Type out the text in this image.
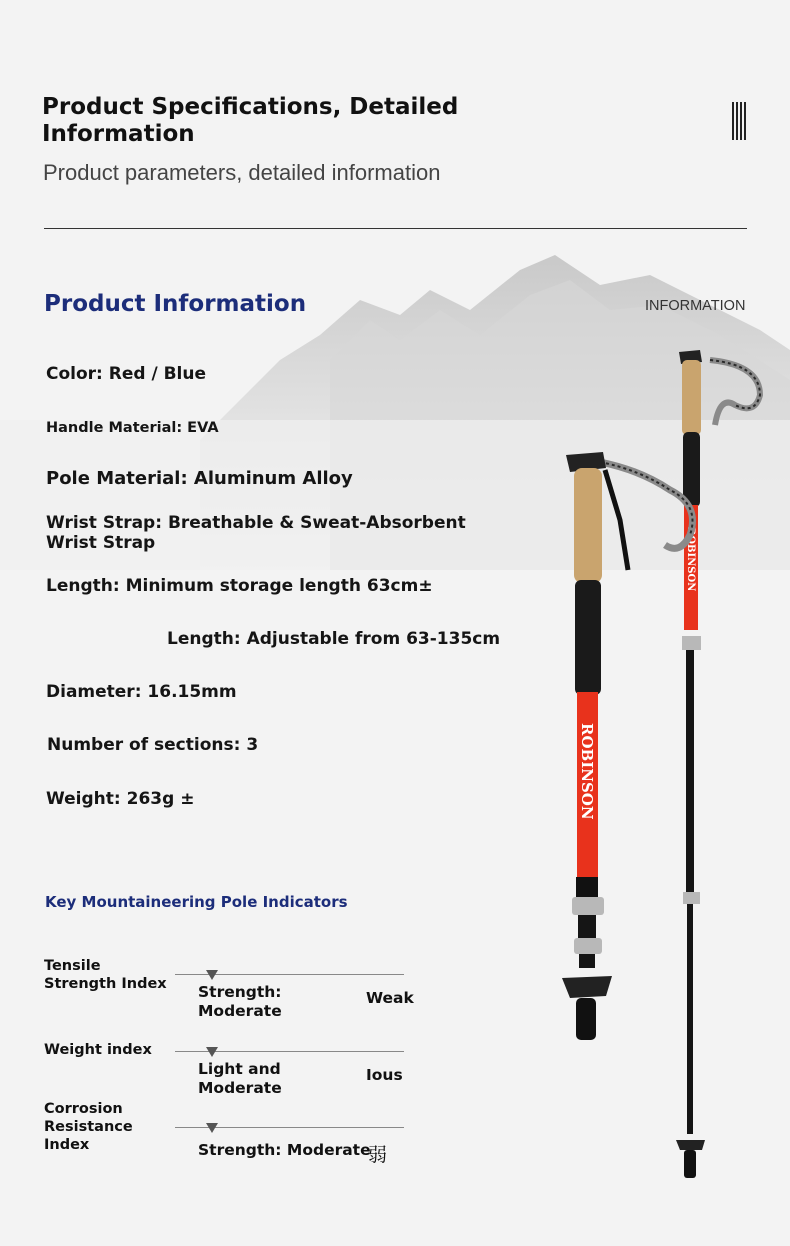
Product Specifications, Detailed Information
Product parameters, detailed information
Product Information	INFORMATION
Color: Red / Blue
Handle Material: EVA
Pole Material: Aluminum Alloy
Wrist Strap: Breathable & Sweat-Absorbent Wrist Strap
Length: Minimum storage length 63cm±
Length: Adjustable from 63-135cm
Diameter: 16.15mm
Number of sections: 3
Weight: 263g ±
Key Mountaineering Pole Indicators
Tensile Strength Index Strength: Moderate
Weak
Weight index
Light and Moderate
Ious
Corrosion Resistance Index	Strength: Moderate
弱
ROBINSON
ROBINSON
